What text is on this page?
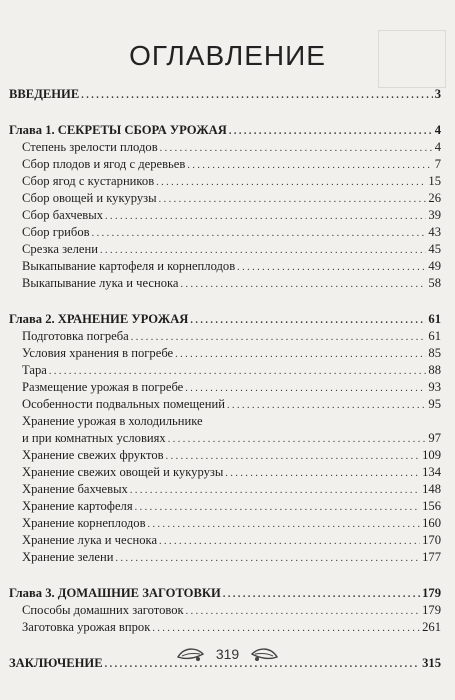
ОГЛАВЛЕНИЕ
ВВЕДЕНИЕ . . .	3
Глава 1. СЕКРЕТЫ СБОРА УРОЖАЯ . . .	4
Степень зрелости плодов . . .	4
Сбор плодов и ягод с деревьев . . .	7
Сбор ягод с кустарников . . .	15
Сбор овощей и кукурузы . . .	26
Сбор бахчевых . . .	39
Сбор грибов . . .	43
Срезка зелени . . .	45
Выкапывание картофеля и корнеплодов . . .	49
Выкапывание лука и чеснока . . .	58
Глава 2. ХРАНЕНИЕ УРОЖАЯ . . .	61
Подготовка погреба . . .	61
Условия хранения в погребе . . .	85
Тара . . .	88
Размещение урожая в погребе . . .	93
Особенности подвальных помещений . . .	95
Хранение урожая в холодильнике
и при комнатных условиях . . .	97
Хранение свежих фруктов . . .	109
Хранение свежих овощей и кукурузы . . .	134
Хранение бахчевых . . .	148
Хранение картофеля . . .	156
Хранение корнеплодов . . .	160
Хранение лука и чеснока . . .	170
Хранение зелени . . .	177
Глава 3. ДОМАШНИЕ ЗАГОТОВКИ . . .	179
Способы домашних заготовок . . .	179
Заготовка урожая впрок . . .	261
ЗАКЛЮЧЕНИЕ . . .	315
319
